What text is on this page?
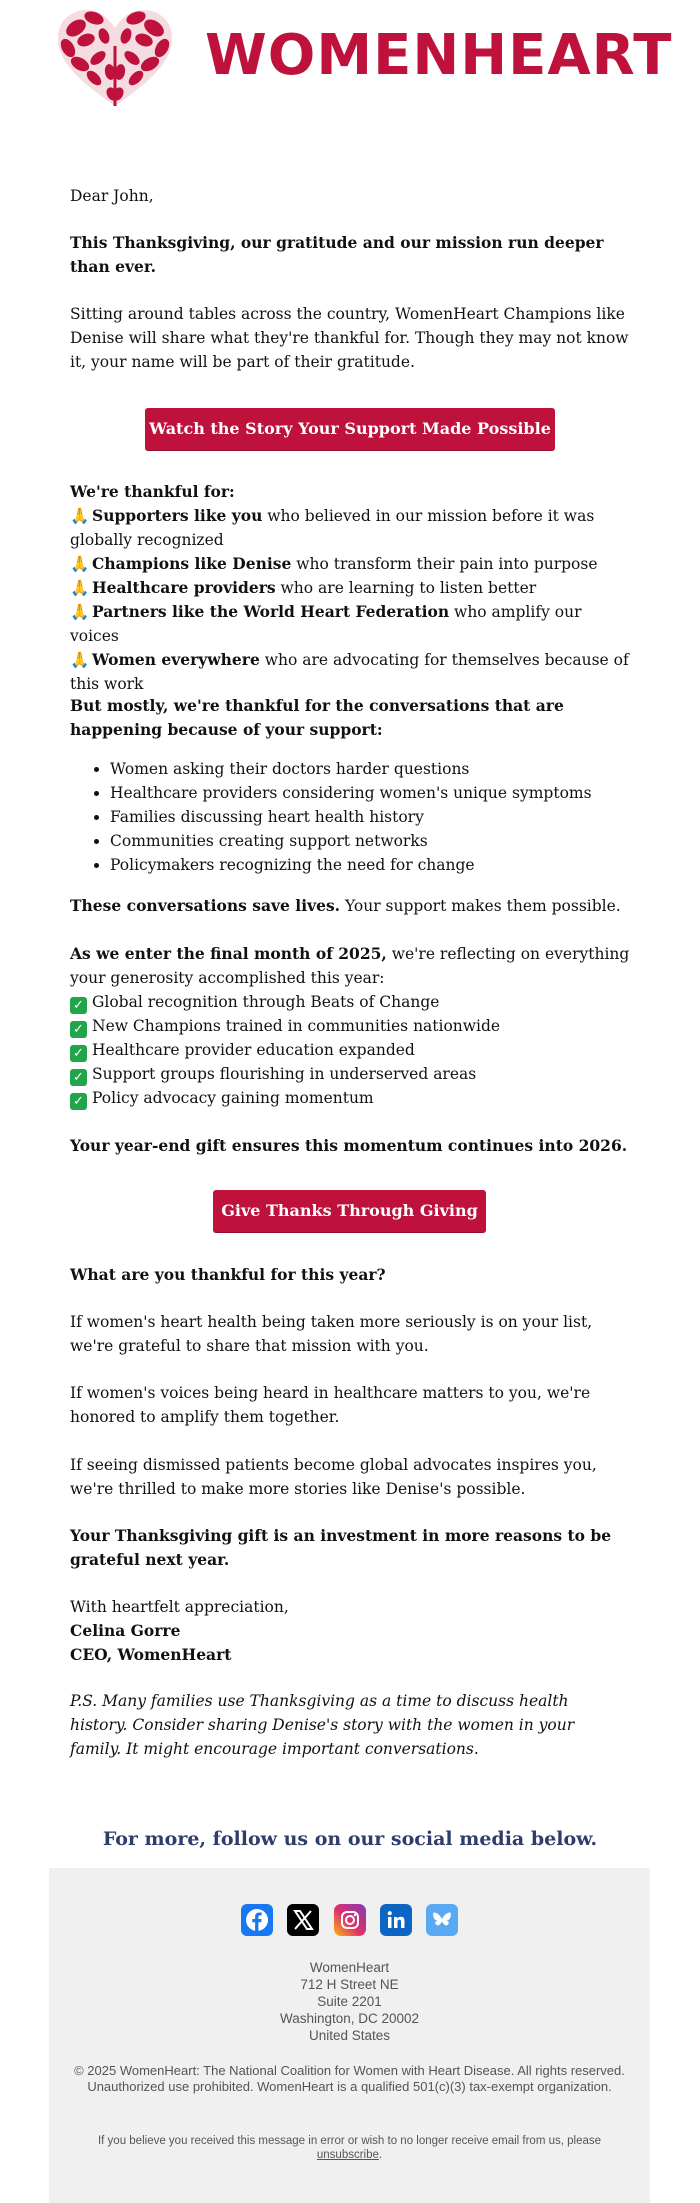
WOMENHEART

Dear John,

This Thanksgiving, our gratitude and our mission run deeper than ever.

Sitting around tables across the country, WomenHeart Champions like Denise will share what they're thankful for. Though they may not know it, your name will be part of their gratitude.

Watch the Story Your Support Made Possible
We're thankful for:
🙏 Supporters like you who believed in our mission before it was globally recognized
🙏 Champions like Denise who transform their pain into purpose
🙏 Healthcare providers who are learning to listen better
🙏 Partners like the World Heart Federation who amplify our voices
🙏 Women everywhere who are advocating for themselves because of this work

But mostly, we're thankful for the conversations that are happening because of your support:

• Women asking their doctors harder questions
• Healthcare providers considering women's unique symptoms
• Families discussing heart health history
• Communities creating support networks
• Policymakers recognizing the need for change

These conversations save lives. Your support makes them possible.

As we enter the final month of 2025, we're reflecting on everything your generosity accomplished this year:

✓ Global recognition through Beats of Change
✓ New Champions trained in communities nationwide
✓ Healthcare provider education expanded
✓ Support groups flourishing in underserved areas
✓ Policy advocacy gaining momentum

Your year-end gift ensures this momentum continues into 2026.

Give Thanks Through Giving

What are you thankful for this year?

If women's heart health being taken more seriously is on your list, we're grateful to share that mission with you.

If women's voices being heard in healthcare matters to you, we're honored to amplify them together.

If seeing dismissed patients become global advocates inspires you, we're thrilled to make more stories like Denise's possible.

Your Thanksgiving gift is an investment in more reasons to be grateful next year.

With heartfelt appreciation,
Celina Gorre
CEO, WomenHeart

P.S. Many families use Thanksgiving as a time to discuss health history. Consider sharing Denise's story with the women in your family. It might encourage important conversations.

For more, follow us on our social media below.

WomenHeart
712 H Street NE
Suite 2201
Washington, DC 20002
United States
© 2025 WomenHeart: The National Coalition for Women with Heart Disease. All rights reserved. Unauthorized use prohibited. WomenHeart is a qualified 501(c)(3) tax-exempt organization.
If you believe you received this message in error or wish to no longer receive email from us, please unsubscribe.
